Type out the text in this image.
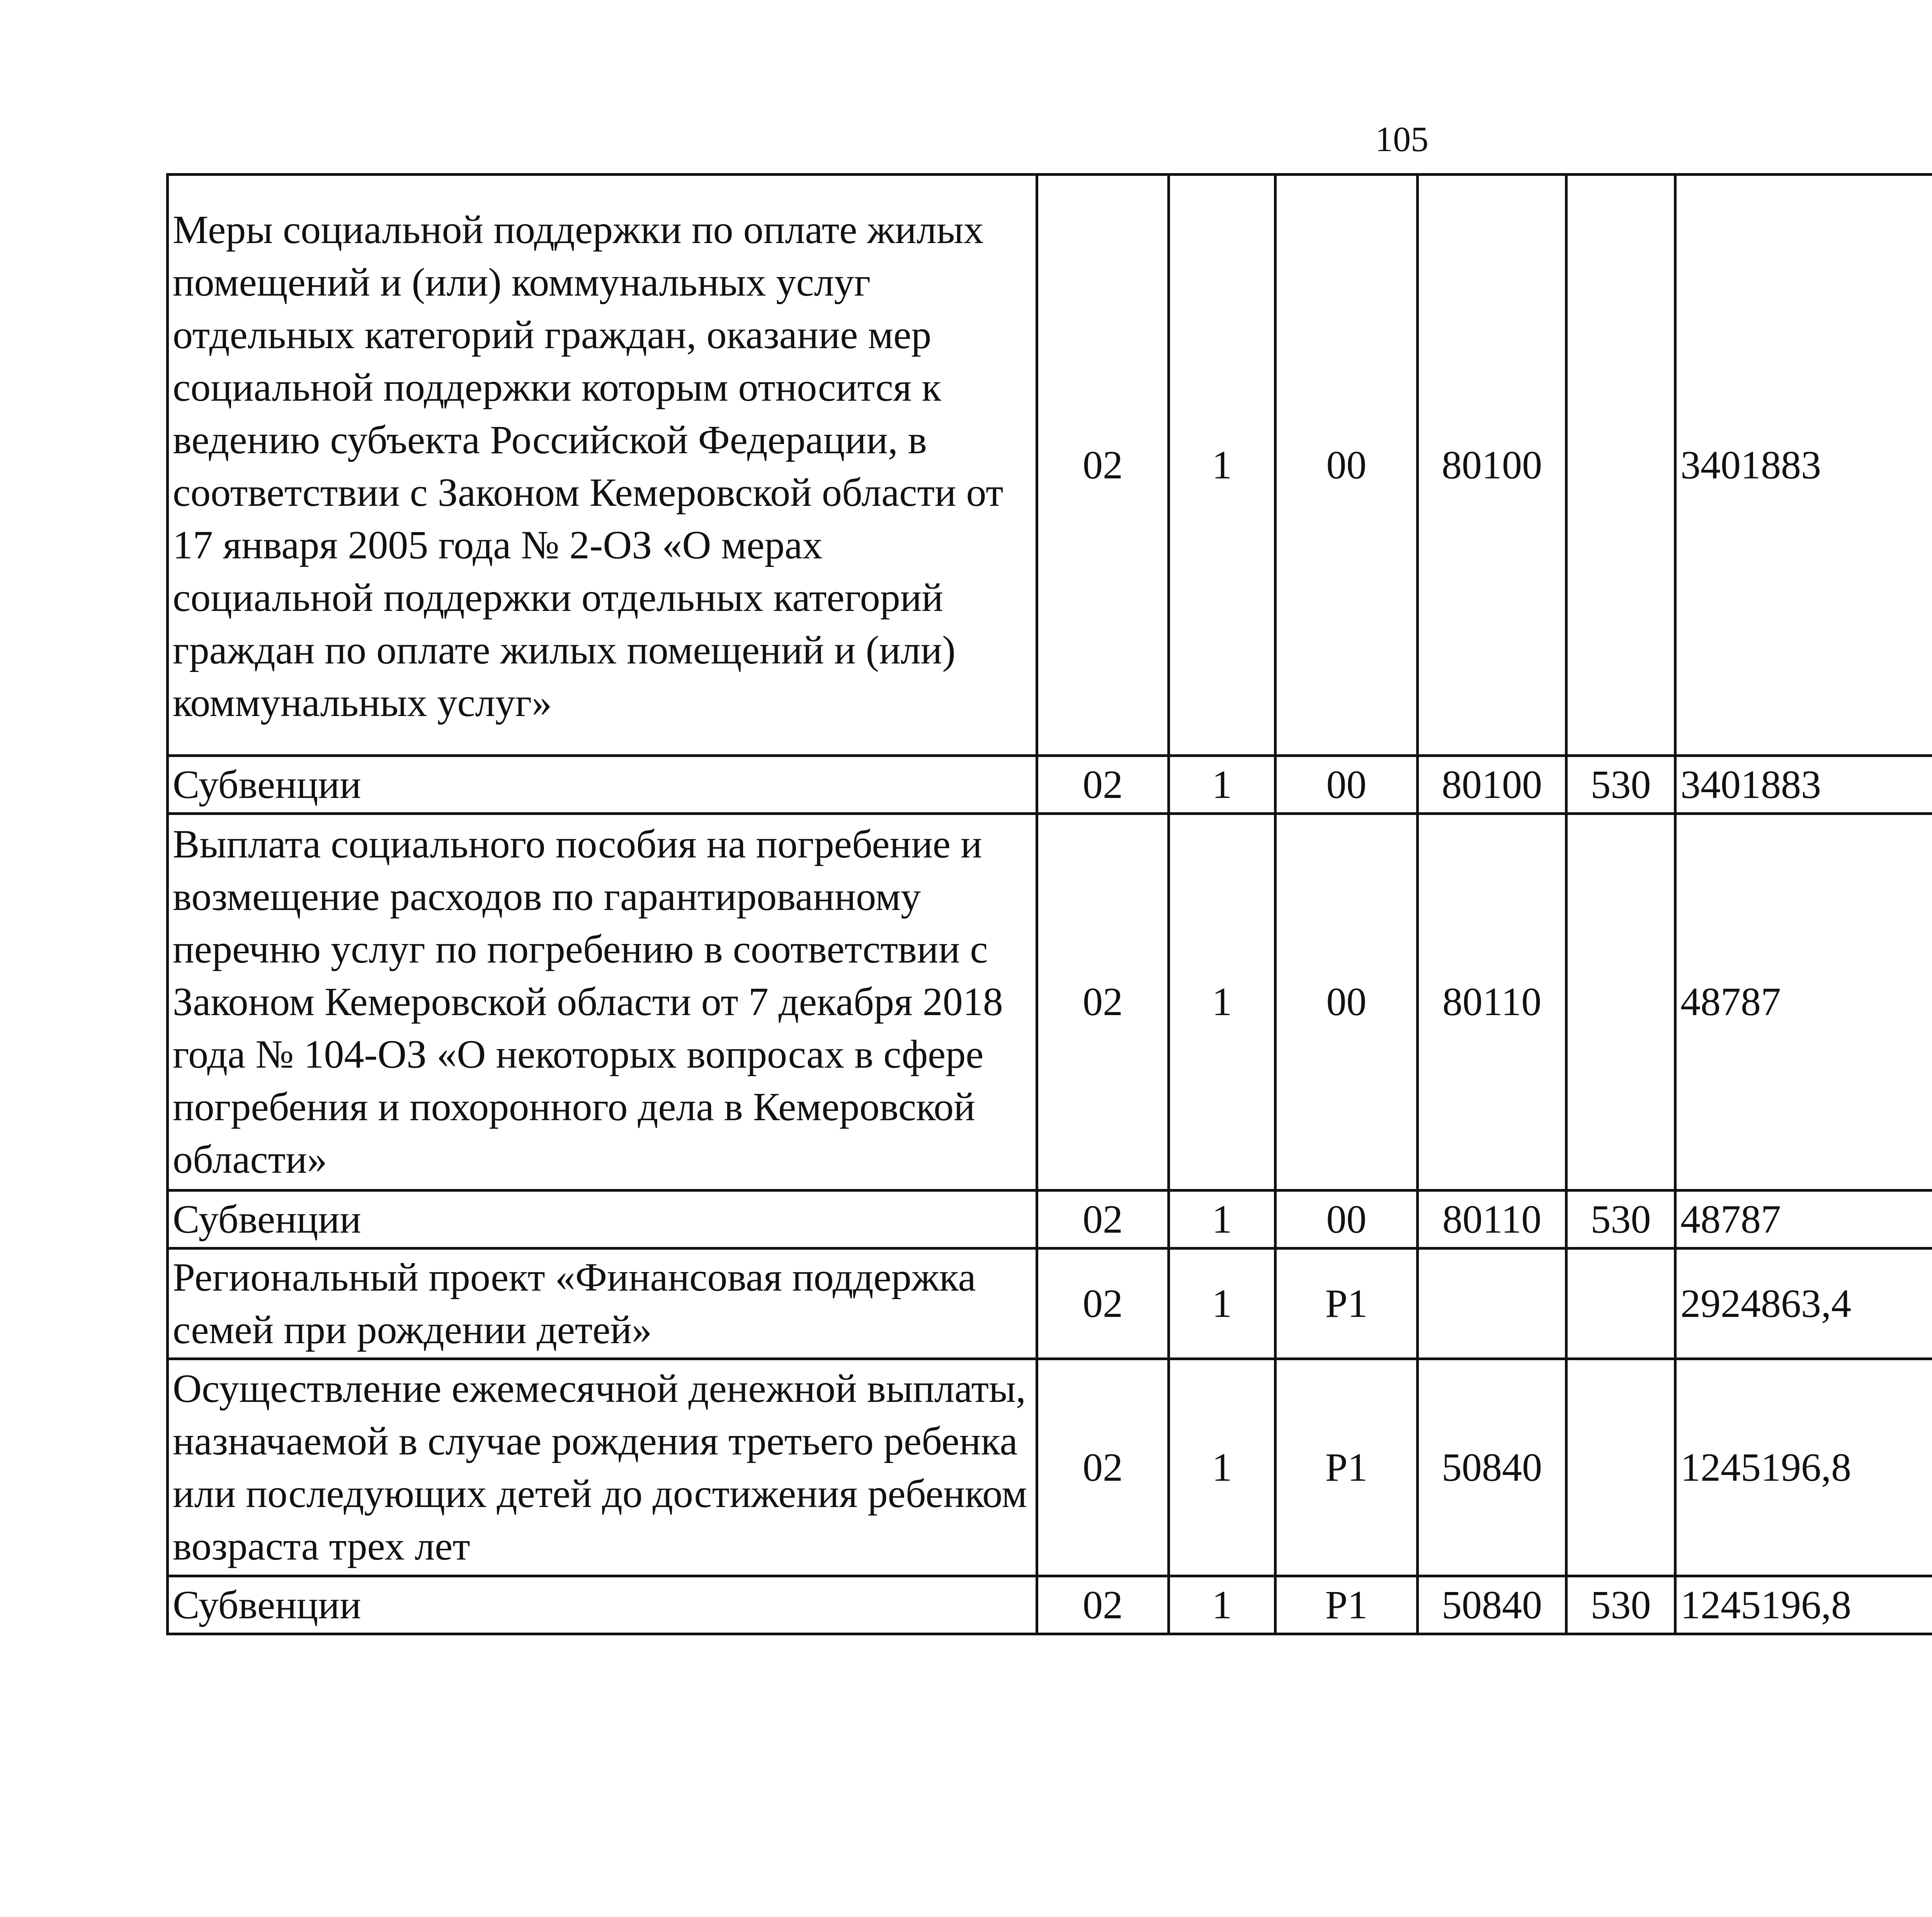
105
Меры социальной поддержки по оплате жилых помещений и (или) коммунальных услуг отдельных категорий граждан, оказание мер социальной поддержки которым относится к ведению субъекта Российской Федерации, в соответствии с Законом Кемеровской области от 17 января 2005 года № 2-ОЗ «О мерах социальной поддержки отдельных категорий граждан по оплате жилых помещений и (или) коммунальных услуг»	02	1	00	80100		3401883		
Субвенции	02	1	00	80100	530	3401883		
Выплата социального пособия на погребение и возмещение расходов по гарантированному перечню услуг по погребению в соответствии с Законом Кемеровской области от 7 декабря 2018 года № 104-ОЗ «О некоторых вопросах в сфере погребения и похоронного дела в Кемеровской области»	02	1	00	80110		48787		
Субвенции	02	1	00	80110	530	48787		
Региональный проект «Финансовая поддержка семей при рождении детей»	02	1	Р1			2924863,4		
Осуществление ежемесячной денежной выплаты, назначаемой в случае рождения третьего ребенка или последующих детей до достижения ребенком возраста трех лет	02	1	Р1	50840		1245196,8		
Субвенции	02	1	Р1	50840	530	1245196,8		
